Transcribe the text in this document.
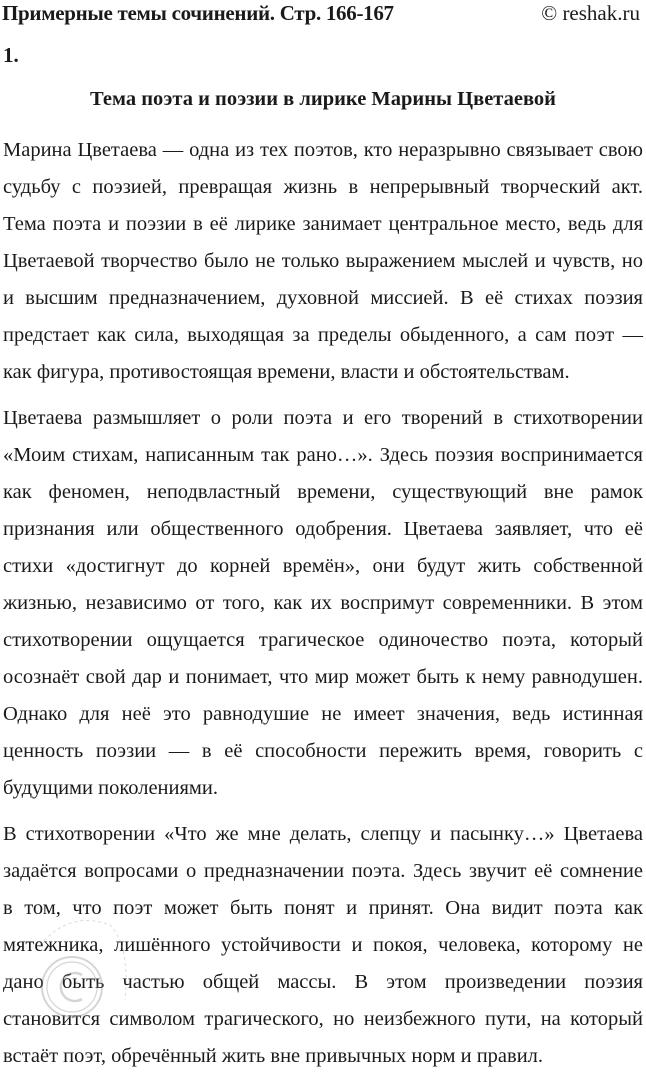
Примерные темы сочинений. Стр. 166-167	© reshak.ru
1.
Тема поэта и поэзии в лирике Марины Цветаевой

Марина Цветаева — одна из тех поэтов, кто неразрывно связывает свою
судьбу с поэзией, превращая жизнь в непрерывный творческий акт.
Тема поэта и поэзии в её лирике занимает центральное место, ведь для
Цветаевой творчество было не только выражением мыслей и чувств, но
и высшим предназначением, духовной миссией. В её стихах поэзия
предстает как сила, выходящая за пределы обыденного, а сам поэт —
как фигура, противостоящая времени, власти и обстоятельствам.

Цветаева размышляет о роли поэта и его творений в стихотворении
«Моим стихам, написанным так рано…». Здесь поэзия воспринимается
как феномен, неподвластный времени, существующий вне рамок
признания или общественного одобрения. Цветаева заявляет, что её
стихи «достигнут до корней времён», они будут жить собственной
жизнью, независимо от того, как их воспримут современники. В этом
стихотворении ощущается трагическое одиночество поэта, который
осознаёт свой дар и понимает, что мир может быть к нему равнодушен.
Однако для неё это равнодушие не имеет значения, ведь истинная
ценность поэзии — в её способности пережить время, говорить с
будущими поколениями.

В стихотворении «Что же мне делать, слепцу и пасынку…» Цветаева
задаётся вопросами о предназначении поэта. Здесь звучит её сомнение
в том, что поэт может быть понят и принят. Она видит поэта как
мятежника, лишённого устойчивости и покоя, человека, которому не
дано быть частью общей массы. В этом произведении поэзия
становится символом трагического, но неизбежного пути, на который
встаёт поэт, обречённый жить вне привычных норм и правил.
